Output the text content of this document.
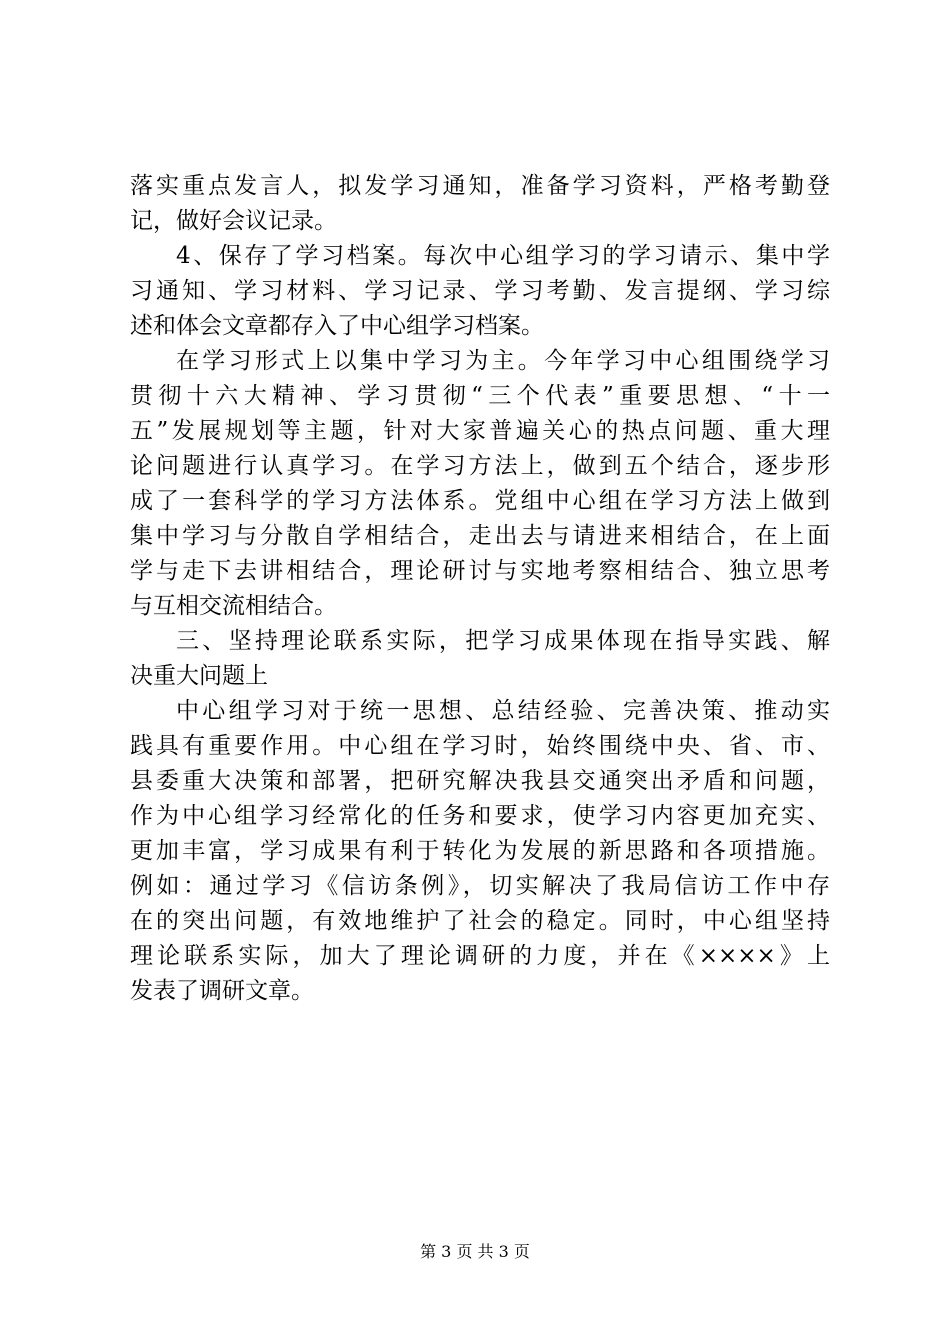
落实重点发言人，拟发学习通知，准备学习资料，严格考勤登
记，做好会议记录。
4、保存了学习档案。每次中心组学习的学习请示、集中学
习通知、学习材料、学习记录、学习考勤、发言提纲、学习综
述和体会文章都存入了中心组学习档案。
在学习形式上以集中学习为主。今年学习中心组围绕学习
贯彻十六大精神、学习贯彻“三个代表”重要思想、“十一
五”发展规划等主题，针对大家普遍关心的热点问题、重大理
论问题进行认真学习。在学习方法上，做到五个结合，逐步形
成了一套科学的学习方法体系。党组中心组在学习方法上做到
集中学习与分散自学相结合，走出去与请进来相结合，在上面
学与走下去讲相结合，理论研讨与实地考察相结合、独立思考
与互相交流相结合。
三、坚持理论联系实际，把学习成果体现在指导实践、解
决重大问题上
中心组学习对于统一思想、总结经验、完善决策、推动实
践具有重要作用。中心组在学习时，始终围绕中央、省、市、
县委重大决策和部署，把研究解决我县交通突出矛盾和问题，
作为中心组学习经常化的任务和要求，使学习内容更加充实、
更加丰富，学习成果有利于转化为发展的新思路和各项措施。
例如：通过学习《信访条例》，切实解决了我局信访工作中存
在的突出问题，有效地维护了社会的稳定。同时，中心组坚持
理论联系实际，加大了理论调研的力度，并在《××××》上
发表了调研文章。
第 3 页 共 3 页
